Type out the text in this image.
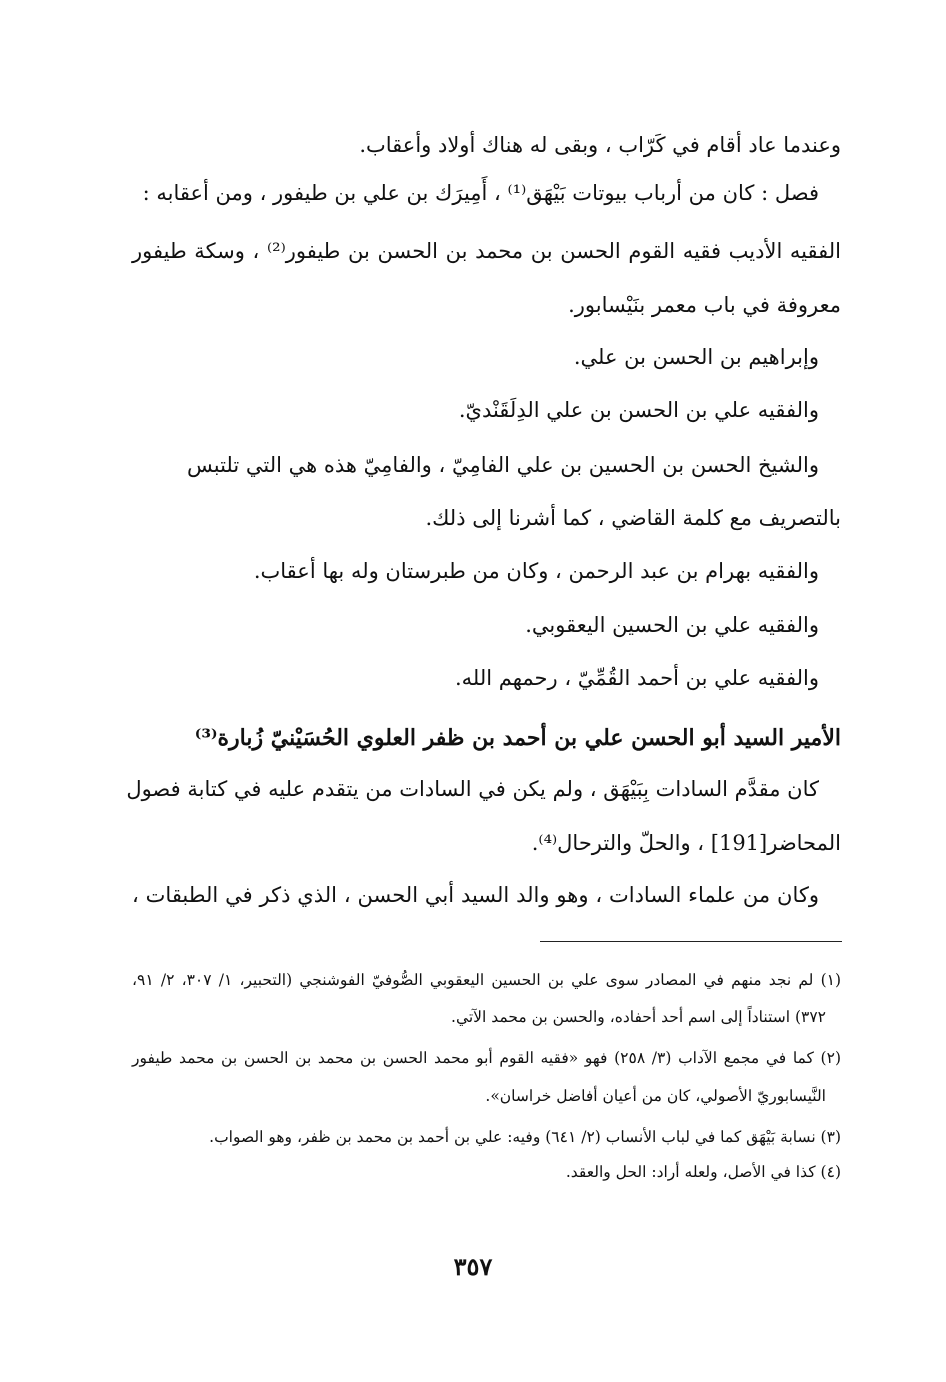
وعندما عاد أقام في كَرّاب ، وبقى له هناك أولاد وأعقاب.
فصل : كان من أرباب بيوتات بَيْهَق⁽¹⁾ ، أَمِيرَك بن علي بن طيفور ، ومن أعقابه :
الفقيه الأديب فقيه القوم الحسن بن محمد بن الحسن بن طيفور⁽²⁾ ، وسكة طيفور
معروفة في باب معمر بنَيْسابور.
وإبراهيم بن الحسن بن علي.
والفقيه علي بن الحسن بن علي الدِلَقَنْديّ.
والشيخ الحسن بن الحسين بن علي الفامِيّ ، والفامِيّ هذه هي التي تلتبس
بالتصريف مع كلمة القاضي ، كما أشرنا إلى ذلك.
والفقيه بهرام بن عبد الرحمن ، وكان من طبرستان وله بها أعقاب.
والفقيه علي بن الحسين اليعقوبي.
والفقيه علي بن أحمد القُمِّيّ ، رحمهم الله.
الأمير السيد أبو الحسن علي بن أحمد بن ظفر العلوي الحُسَيْنيّ زُبارة⁽³⁾
كان مقدَّم السادات بِبَيْهَق ، ولم يكن في السادات من يتقدم عليه في كتابة فصول
المحاضر[191] ، والحلّ والترحال⁽⁴⁾.
وكان من علماء السادات ، وهو والد السيد أبي الحسن ، الذي ذكر في الطبقات ،
(١) لم نجد منهم في المصادر سوى علي بن الحسين اليعقوبي الصُّوفيّ الفوشنجي (التحبير، ١/ ٣٠٧، ٢/ ٩١،
٣٧٢) استناداً إلى اسم أحد أحفاده، والحسن بن محمد الآتي.
(٢) كما في مجمع الآداب (٣/ ٢٥٨) فهو «فقيه القوم أبو محمد الحسن بن محمد بن الحسن بن محمد طيفور
النَّيسابوريّ الأصولي، كان من أعيان أفاضل خراسان».
(٣) نسابة بَيْهَق كما في لباب الأنساب (٢/ ٦٤١) وفيه: علي بن أحمد بن محمد بن ظفر، وهو الصواب.
(٤) كذا في الأصل، ولعله أراد: الحل والعقد.
٣٥٧
